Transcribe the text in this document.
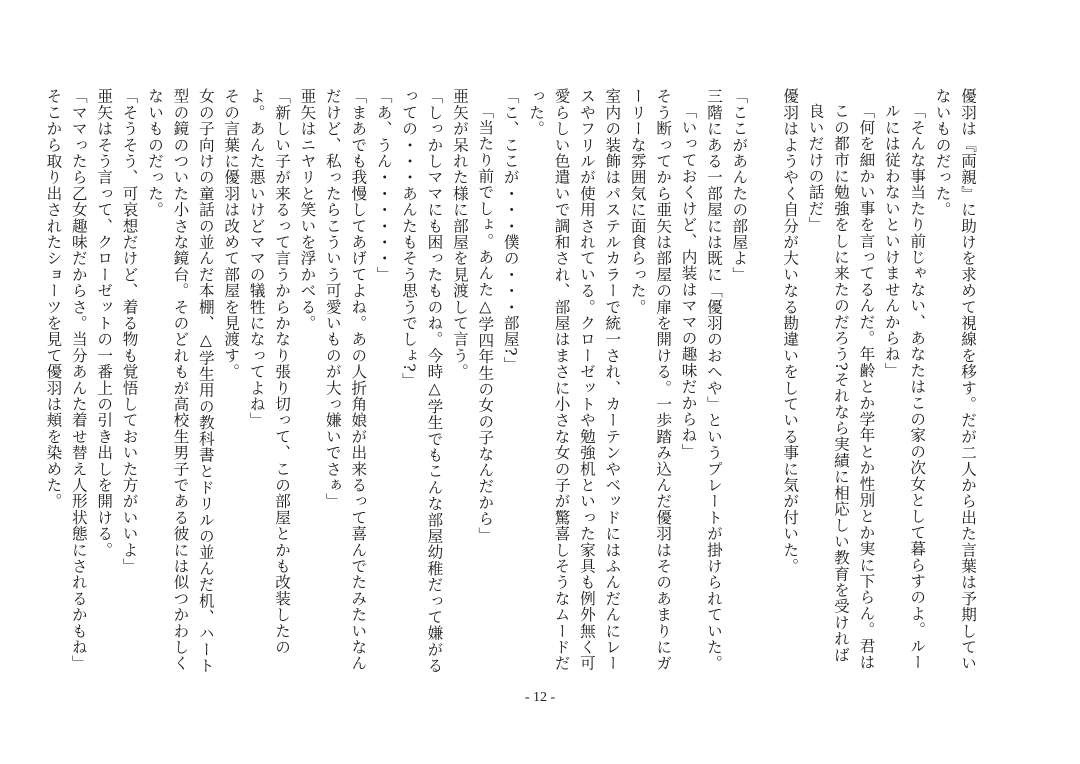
優羽は『両親』に助けを求めて視線を移す。だが二人から出た言葉は予期していないものだった。

「そんな事当たり前じゃない、あなたはこの家の次女として暮らすのよ。ルールには従わないといけませんからね」

「何を細かい事を言ってるんだ。年齢とか学年とか性別とか実に下らん。君はこの都市に勉強をしに来たのだろう?それなら実績に相応しい教育を受ければ良いだけの話だ」

優羽はようやく自分が大いなる勘違いをしている事に気が付いた。

「ここがあんたの部屋よ」

三階にある一部屋には既に「優羽のおへや」というプレートが掛けられていた。

「いっておくけど、内装はママの趣味だからね」

そう断ってから亜矢は部屋の扉を開ける。一歩踏み込んだ優羽はそのあまりにガーリーな雰囲気に面食らった。

室内の装飾はパステルカラーで統一され、カーテンやベッドにはふんだんにレースやフリルが使用されている。クローゼットや勉強机といった家具も例外無く可愛らしい色遣いで調和され、部屋はまさに小さな女の子が驚喜しそうなムードだった。

「こ、ここが・・・僕の・・・部屋?」

「当たり前でしょ。あんた△学四年生の女の子なんだから」

亜矢が呆れた様に部屋を見渡して言う。

「しっかしママにも困ったものね。今時△学生でもこんな部屋幼稚だって嫌がるっての・・・あんたもそう思うでしょ?」

「あ、うん・・・・・・」

「まあでも我慢してあげてよね。あの人折角娘が出来るって喜んでたみたいなんだけど、私ったらこういう可愛いものが大っ嫌いでさぁ」

亜矢はニヤリと笑いを浮かべる。

「新しい子が来るって言うからかなり張り切って、この部屋とかも改装したのよ。あんた悪いけどママの犠牲になってよね」

その言葉に優羽は改めて部屋を見渡す。

女の子向けの童話の並んだ本棚、△学生用の教科書とドリルの並んだ机、ハート型の鏡のついた小さな鏡台。そのどれもが高校生男子である彼には似つかわしくないものだった。

「そうそう、可哀想だけど、着る物も覚悟しておいた方がいいよ」

亜矢はそう言って、クローゼットの一番上の引き出しを開ける。

「ママったら乙女趣味だからさ。当分あんた着せ替え人形状態にされるかもね」

そこから取り出されたショーツを見て優羽は頬を染めた。

- 12 -
